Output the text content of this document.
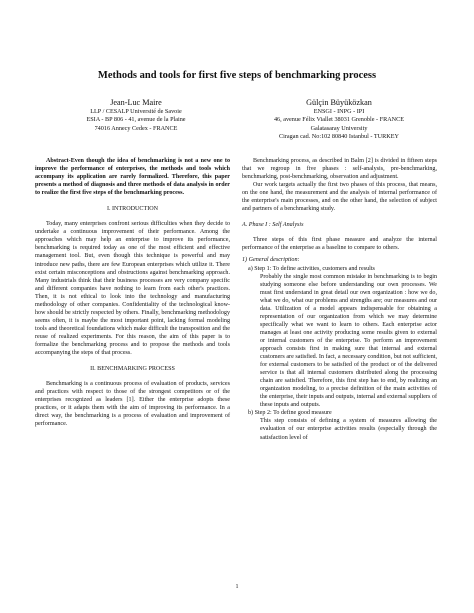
Methods and tools for first five steps of benchmarking process
Jean-Luc Maire
LLP / CESALP Université de Savoie
ESIA - BP 806 - 41, avenue de la Plaine
74016 Annecy Cedex - FRANCE
Gülçin Büyüközkan
ENSGI - INPG - IPI
46, avenue Félix Viallet 38031 Grenoble - FRANCE
Galatasaray University
Ciragan cad. No:102 80840 Istanbul - TURKEY

Abstract-Even though the idea of benchmarking is not a new one to improve the performance of enterprises, the methods and tools which accompany its application are rarely formalized. Therefore, this paper presents a method of diagnosis and three methods of data analysis in order to realize the first five steps of the benchmarking process.

I. INTRODUCTION

Today, many enterprises confront serious difficulties when they decide to undertake a continuous improvement of their performance. Among the approaches which may help an enterprise to improve its performance, benchmarking is required today as one of the most efficient and effective management tool. But, even though this technique is powerful and may introduce new paths, there are few European enterprises which utilize it. There exist certain misconceptions and obstructions against benchmarking approach. Many industrials think that their business processes are very company specific and different companies have nothing to learn from each other's practices. Then, it is not ethical to look into the technology and manufacturing methodology of other companies. Confidentiality of the technological know-how should be strictly respected by others. Finally, benchmarking methodology seems often, it is maybe the most important point, lacking formal modeling tools and theoretical foundations which make difficult the transposition and the reuse of realized experiments. For this reason, the aim of this paper is to formalize the benchmarking process and to propose the methods and tools accompanying the steps of that process.

II. BENCHMARKING PROCESS

Benchmarking is a continuous process of evaluation of products, services and practices with respect to those of the strongest competitors or of the enterprises recognized as leaders [1]. Either the enterprise adopts these practices, or it adapts them with the aim of improving its performance. In a direct way, the benchmarking is a process of evaluation and improvement of performance.

Benchmarking process, as described in Balm [2] is divided in fifteen steps that we regroup in five phases : self-analysis, pre-benchmarking, benchmarking, post-benchmarking, observation and adjustment.

Our work targets actually the first two phases of this process, that means, on the one hand, the measurement and the analysis of internal performance of the enterprise's main processes, and on the other hand, the selection of subject and partners of a benchmarking study.

A. Phase I : Self Analysis

Three steps of this first phase measure and analyze the internal performance of the enterprise as a baseline to compare to others.

1) General description:

a) Step 1: To define activities, customers and results

Probably the single most common mistake in benchmarking is to begin studying someone else before understanding our own processes. We must first understand in great detail our own organization : how we do, what we do, what our problems and strengths are; our measures and our data. Utilization of a model appears indispensable for obtaining a representation of our organization from which we may determine specifically what we want to learn to others. Each enterprise actor manages at least one activity producing some results given to external or internal customers of the enterprise. To perform an improvement approach consists first in making sure that internal and external customers are satisfied. In fact, a necessary condition, but not sufficient, for external customers to be satisfied of the product or of the delivered service is that all internal customers distributed along the processing chain are satisfied. Therefore, this first step has to end, by realizing an organization modeling, to a precise definition of the main activities of the enterprise, their inputs and outputs, internal and external suppliers of these inputs and outputs.

b) Step 2: To define good measure

This step consists of defining a system of measures allowing the evaluation of our enterprise activities results (especially through the satisfaction level of

1
